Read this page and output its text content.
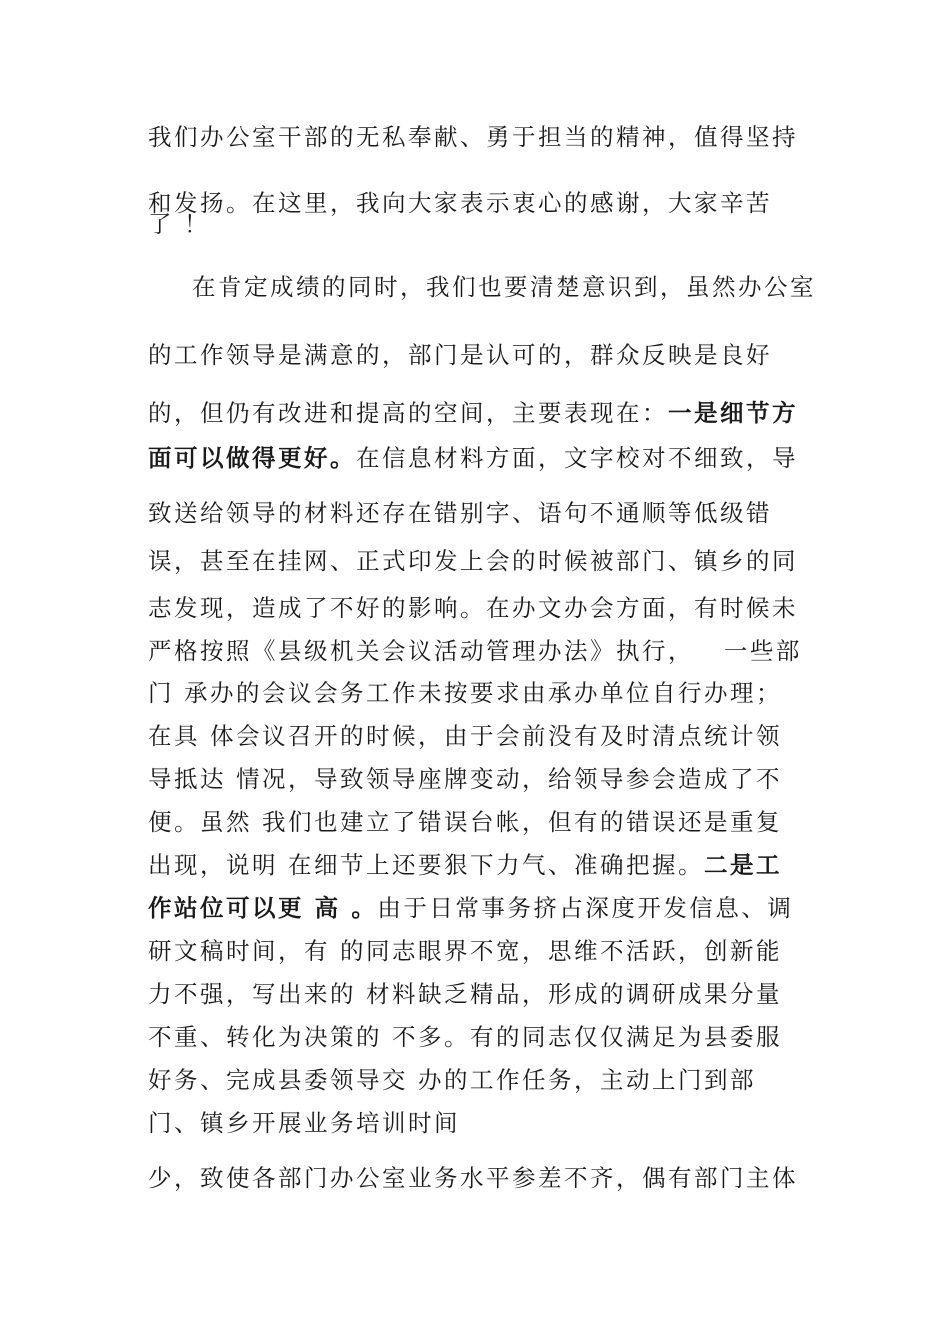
我们办公室干部的无私奉献、勇于担当的精神，值得坚持
和发扬。在这里，我向大家表示衷心的感谢，大家辛苦
了 ！
在肯定成绩的同时，我们也要清楚意识到，虽然办公室
的工作领导是满意的，部门是认可的，群众反映是良好
的，但仍有改进和提高的空间，主要表现在：一是细节方
面可以做得更好。在信息材料方面，文字校对不细致，导
致送给领导的材料还存在错别字、语句不通顺等低级错
误，甚至在挂网、正式印发上会的时候被部门、镇乡的同
志发现，造成了不好的影响。在办文办会方面，有时候未
严格按照《县级机关会议活动管理办法》执行，   一些部
门 承办的会议会务工作未按要求由承办单位自行办理；
在具 体会议召开的时候，由于会前没有及时清点统计领
导抵达 情况，导致领导座牌变动，给领导参会造成了不
便。虽然 我们也建立了错误台帐，但有的错误还是重复
出现，说明 在细节上还要狠下力气、准确把握。二是工
作站位可以更 高 。由于日常事务挤占深度开发信息、调
研文稿时间，有 的同志眼界不宽，思维不活跃，创新能
力不强，写出来的 材料缺乏精品，形成的调研成果分量
不重、转化为决策的 不多。有的同志仅仅满足为县委服
好务、完成县委领导交 办的工作任务，主动上门到部
门、镇乡开展业务培训时间
少，致使各部门办公室业务水平参差不齐，偶有部门主体
